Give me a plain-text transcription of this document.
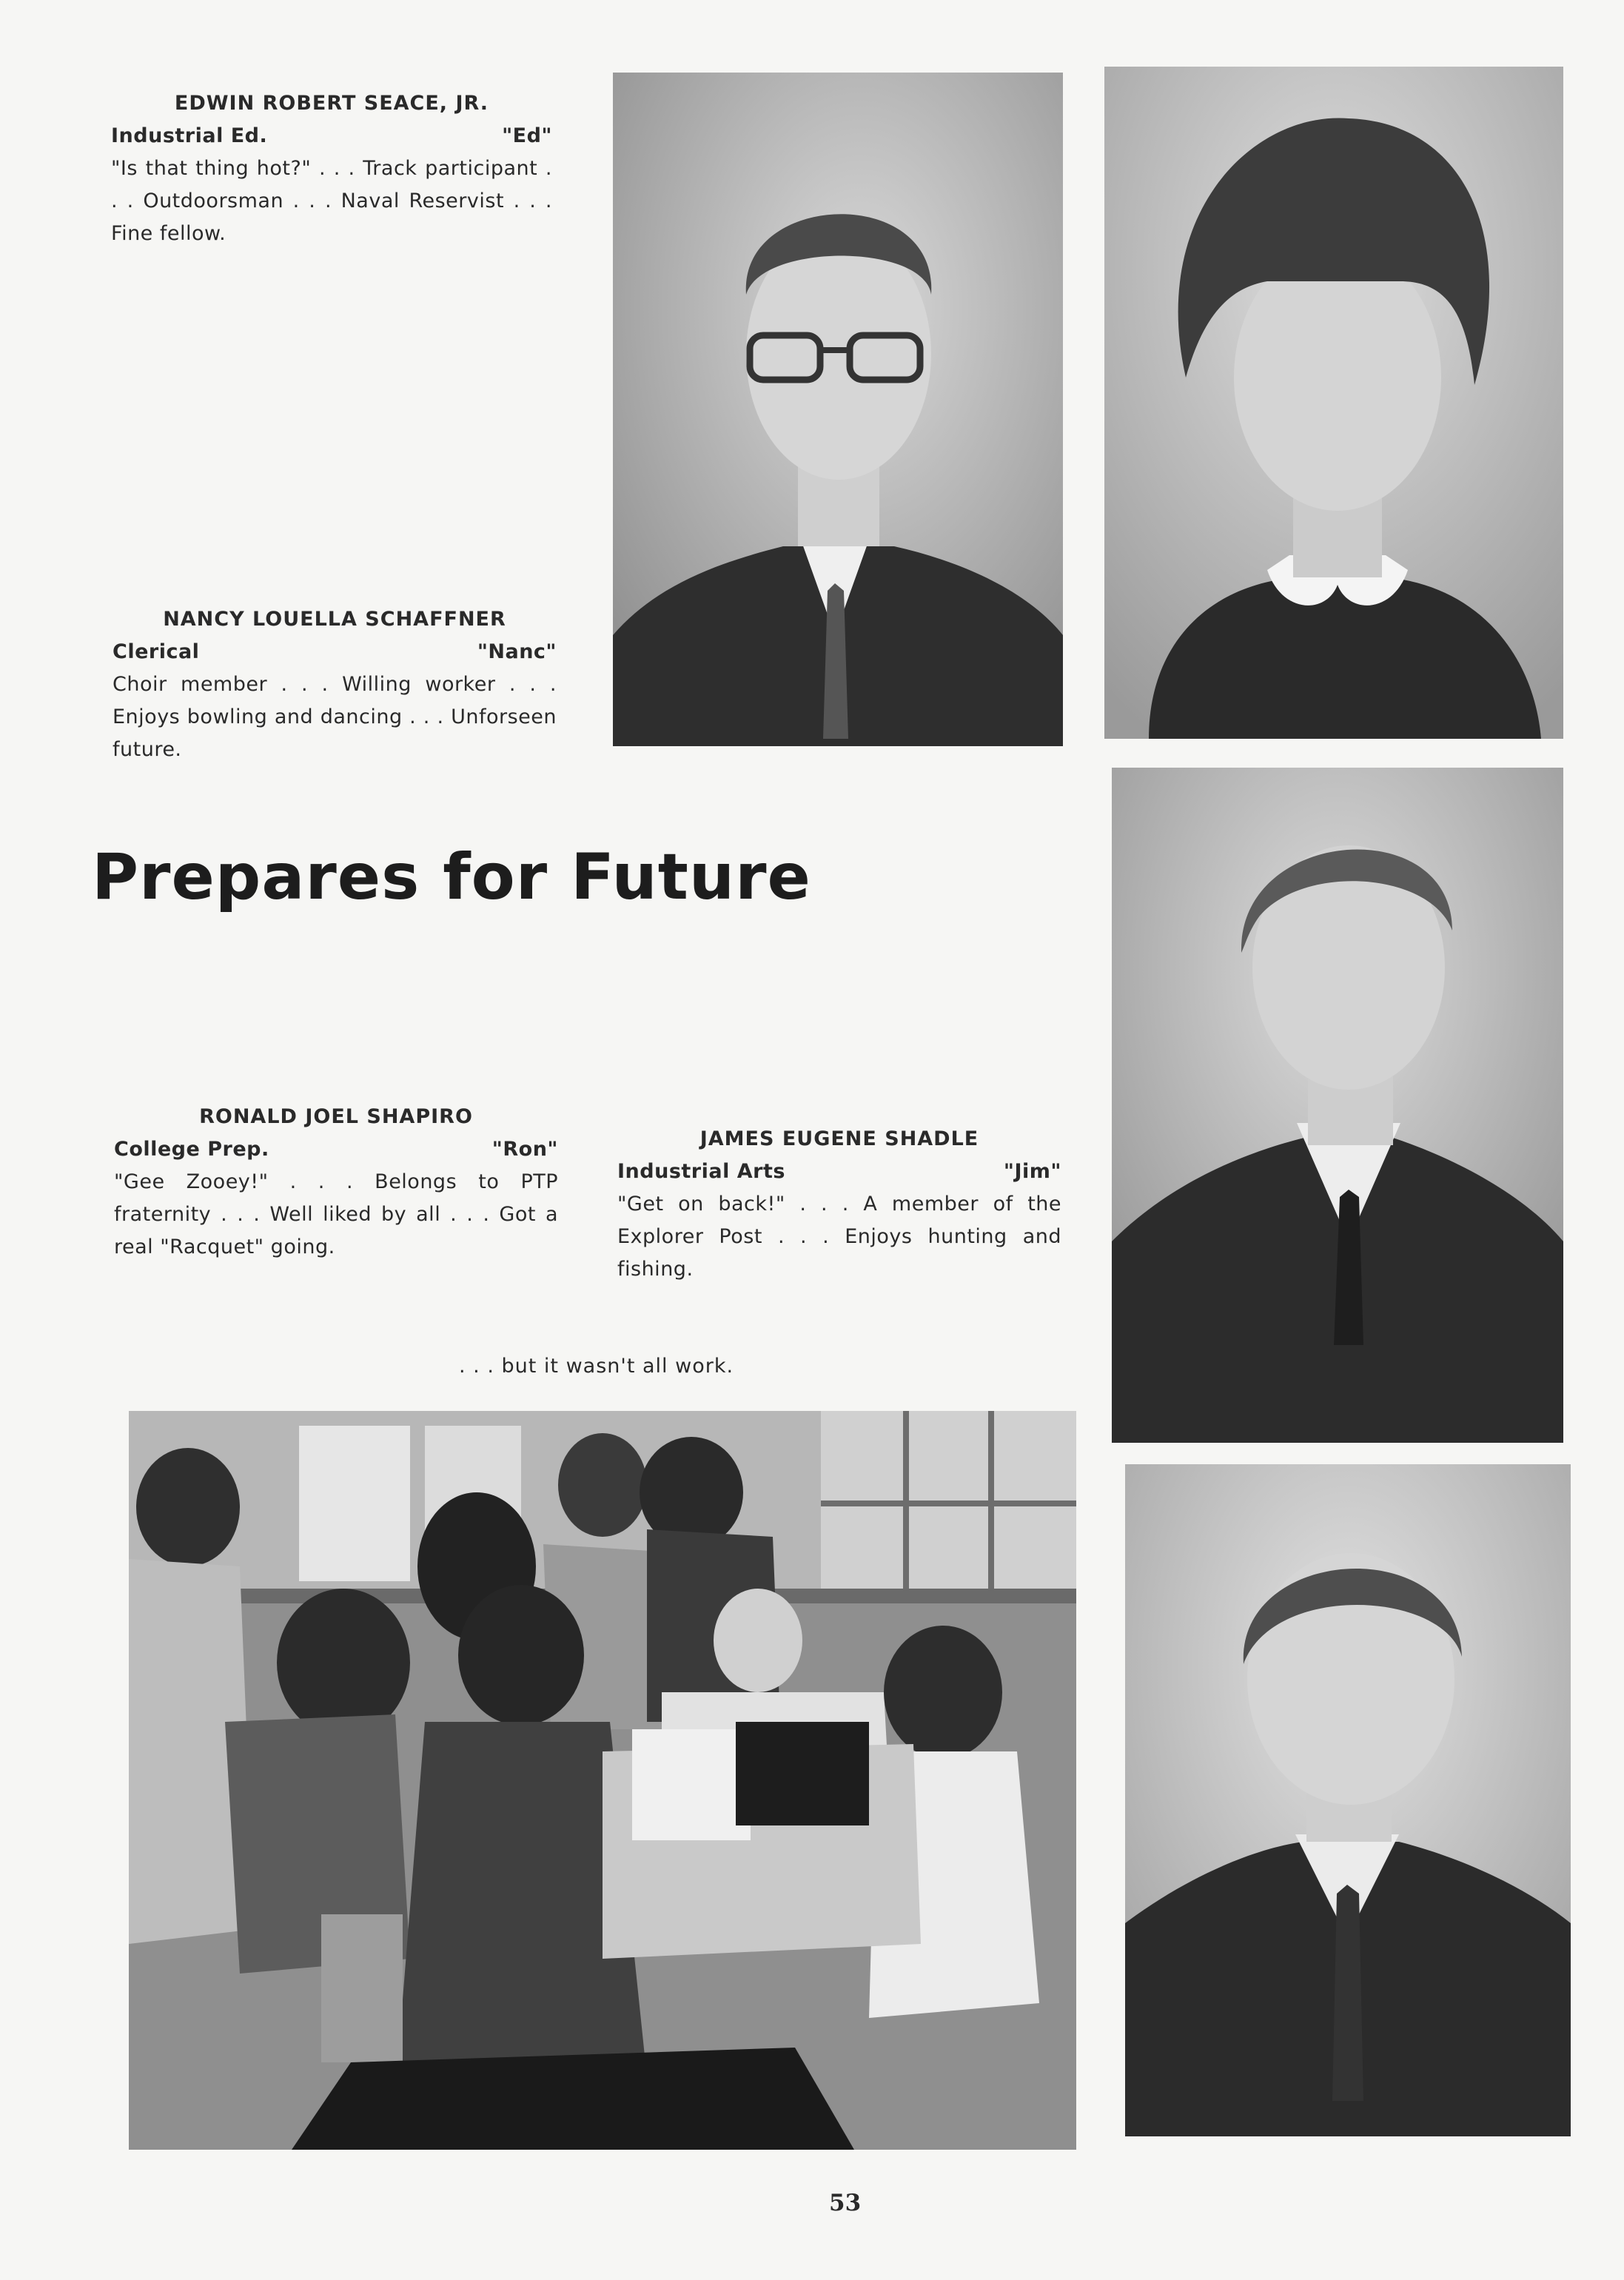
EDWIN ROBERT SEACE, JR.
Industrial Ed.	"Ed"
"Is that thing hot?" . . . Track participant . . . Outdoorsman . . . Naval Reservist . . . Fine fellow.
NANCY LOUELLA SCHAFFNER
Clerical	"Nanc"
Choir member . . . Willing worker . . . Enjoys bowling and dancing . . . Unforseen future.
Prepares for Future
RONALD JOEL SHAPIRO
College Prep.	"Ron"
"Gee Zooey!" . . . Belongs to PTP fraternity . . . Well liked by all . . . Got a real "Racquet" going.
JAMES EUGENE SHADLE
Industrial Arts	"Jim"
"Get on back!" . . . A member of the Explorer Post . . . Enjoys hunting and fishing.
. . . but it wasn't all work.
53
